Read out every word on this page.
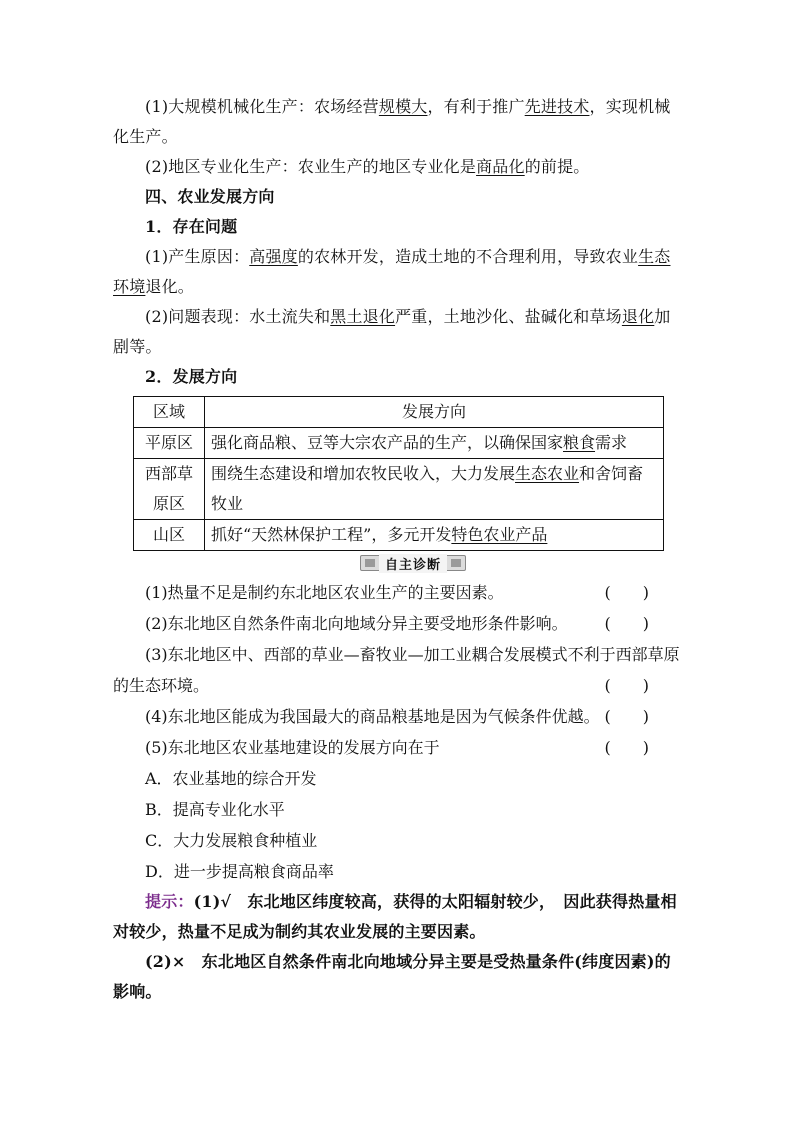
(1)大规模机械化生产：农场经营规模大，有利于推广先进技术，实现机械化生产。

(2)地区专业化生产：农业生产的地区专业化是商品化的前提。

四、农业发展方向

1．存在问题

(1)产生原因：高强度的农林开发，造成土地的不合理利用，导致农业生态环境退化。

(2)问题表现：水土流失和黑土退化严重，土地沙化、盐碱化和草场退化加剧等。

2．发展方向

区域	发展方向
平原区	强化商品粮、豆等大宗农产品的生产，以确保国家粮食需求
西部草原区	围绕生态建设和增加农牧民收入，大力发展生态农业和舍饲畜牧业
山区	抓好“天然林保护工程”，多元开发特色农业产品
自主诊断

(1)热量不足是制约东北地区农业生产的主要因素。	(　　)

(2)东北地区自然条件南北向地域分异主要受地形条件影响。 (　　)

(3)东北地区中、西部的草业—畜牧业—加工业耦合发展模式不利于西部草原的生态环境。	(　　)

(4)东北地区能成为我国最大的商品粮基地是因为气候条件优越。 (　　)

(5)东北地区农业基地建设的发展方向在于	(　　)

A．农业基地的综合开发

B．提高专业化水平

C．大力发展粮食种植业

D．进一步提高粮食商品率

提示：(1)√　东北地区纬度较高，获得的太阳辐射较少，　因此获得热量相对较少，热量不足成为制约其农业发展的主要因素。

(2)×　东北地区自然条件南北向地域分异主要是受热量条件(纬度因素)的影响。
